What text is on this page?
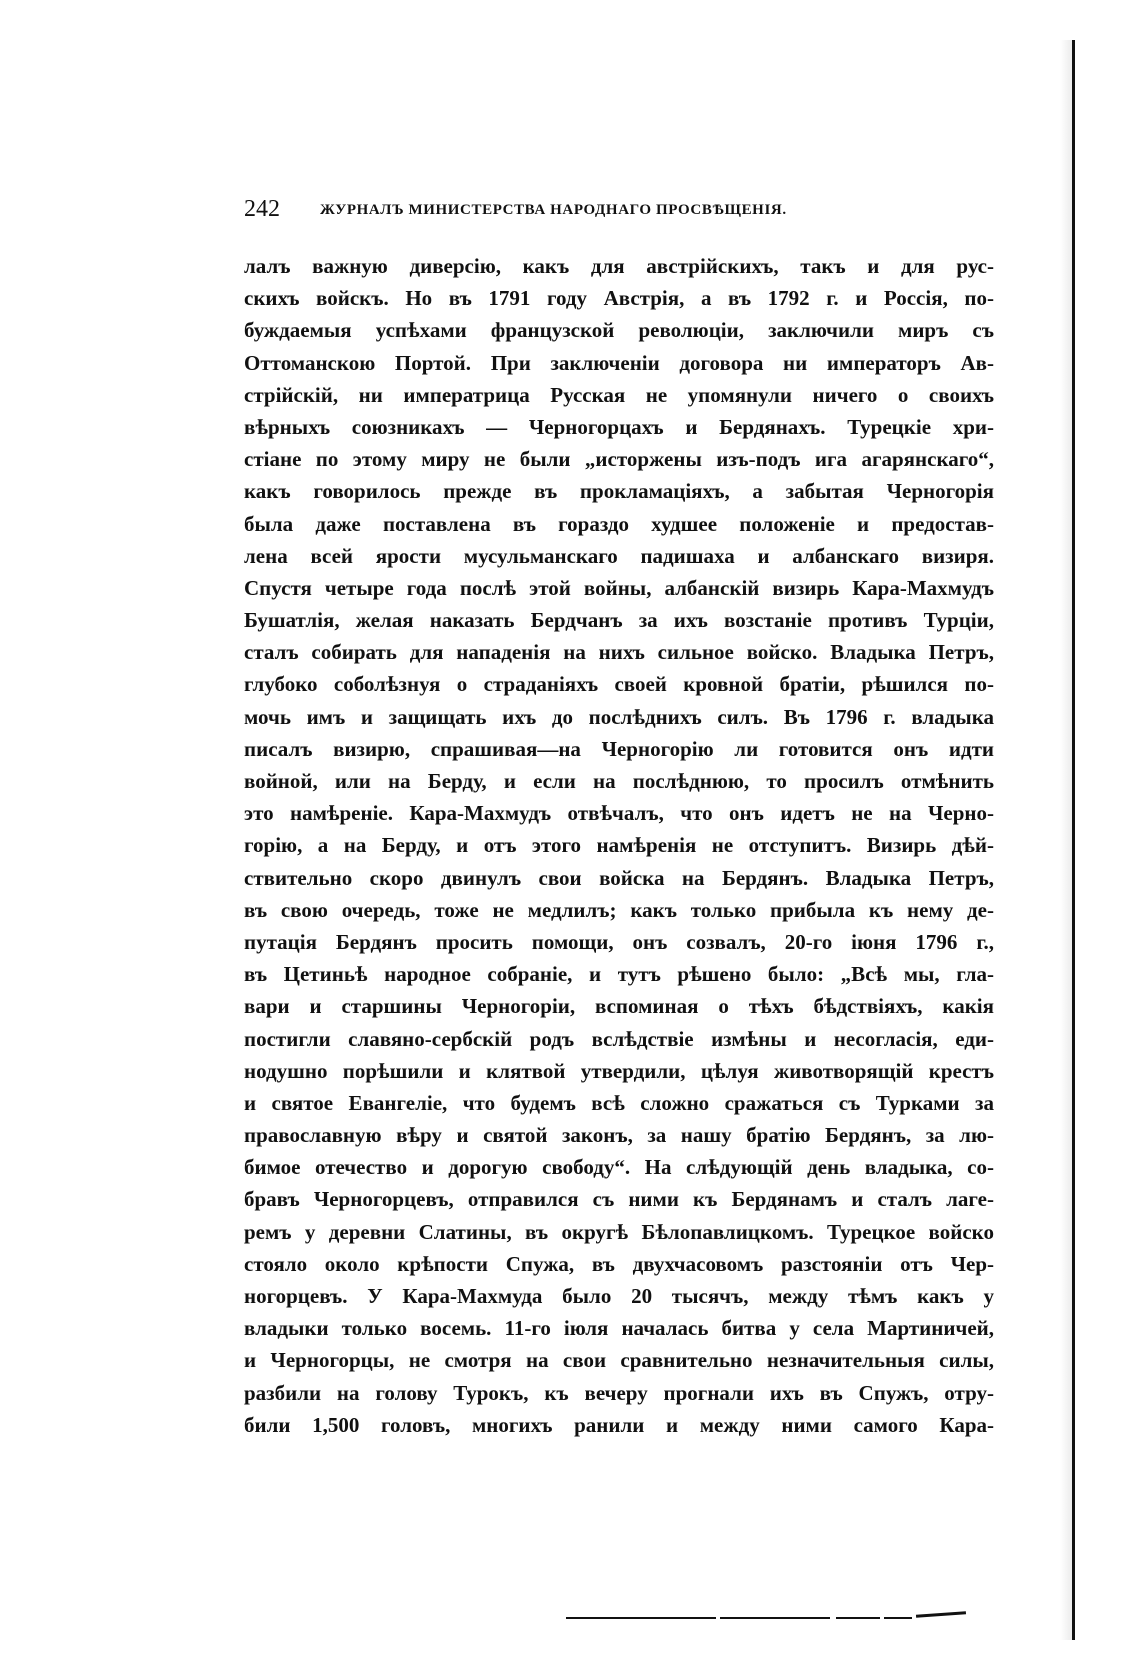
242	ЖУРНАЛЪ МИНИСТЕРСТВА НАРОДНАГО ПРОСВѢЩЕНІЯ.
лалъ важную диверсію, какъ для австрійскихъ, такъ и для рус-
скихъ войскъ. Но въ 1791 году Австрія, а въ 1792 г. и Россія, по-
буждаемыя успѣхами французской революціи, заключили миръ съ
Оттоманскою Портой. При заключеніи договора ни императоръ Ав-
стрійскій, ни императрица Русская не упомянули ничего о своихъ
вѣрныхъ союзникахъ — Черногорцахъ и Бердянахъ. Турецкіе хри-
стіане по этому миру не были „исторжены изъ-подъ ига агарянскаго“,
какъ говорилось прежде въ прокламаціяхъ, а забытая Черногорія
была даже поставлена въ гораздо худшее положеніе и предостав-
лена всей ярости мусульманскаго падишаха и албанскаго визиря.
Спустя четыре года послѣ этой войны, албанскій визирь Кара-Махмудъ
Бушатлія, желая наказать Бердчанъ за ихъ возстаніе противъ Турціи,
сталъ собирать для нападенія на нихъ сильное войско. Владыка Петръ,
глубоко соболѣзнуя о страданіяхъ своей кровной братіи, рѣшился по-
мочь имъ и защищать ихъ до послѣднихъ силъ. Въ 1796 г. владыка
писалъ визирю, спрашивая—на Черногорію ли готовится онъ идти
войной, или на Берду, и если на послѣднюю, то просилъ отмѣнить
это намѣреніе. Кара-Махмудъ отвѣчалъ, что онъ идетъ не на Черно-
горію, а на Берду, и отъ этого намѣренія не отступитъ. Визирь дѣй-
ствительно скоро двинулъ свои войска на Бердянъ. Владыка Петръ,
въ свою очередь, тоже не медлилъ; какъ только прибыла къ нему де-
путація Бердянъ просить помощи, онъ созвалъ, 20-го іюня 1796 г.,
въ Цетиньѣ народное собраніе, и тутъ рѣшено было: „Всѣ мы, гла-
вари и старшины Черногоріи, вспоминая о тѣхъ бѣдствіяхъ, какія
постигли славяно-сербскій родъ вслѣдствіе измѣны и несогласія, еди-
нодушно порѣшили и клятвой утвердили, цѣлуя животворящій крестъ
и святое Евангеліе, что будемъ всѣ сложно сражаться съ Турками за
православную вѣру и святой законъ, за нашу братію Бердянъ, за лю-
бимое отечество и дорогую свободу“. На слѣдующій день владыка, со-
бравъ Черногорцевъ, отправился съ ними къ Бердянамъ и сталъ лаге-
ремъ у деревни Слатины, въ округѣ Бѣлопавлицкомъ. Турецкое войско
стояло около крѣпости Спужа, въ двухчасовомъ разстояніи отъ Чер-
ногорцевъ. У Кара-Махмуда было 20 тысячъ, между тѣмъ какъ у
владыки только восемь. 11-го іюля началась битва у села Мартиничей,
и Черногорцы, не смотря на свои сравнительно незначительныя силы,
разбили на голову Турокъ, къ вечеру прогнали ихъ въ Спужъ, отру-
били 1,500 головъ, многихъ ранили и между ними самого Кара-
